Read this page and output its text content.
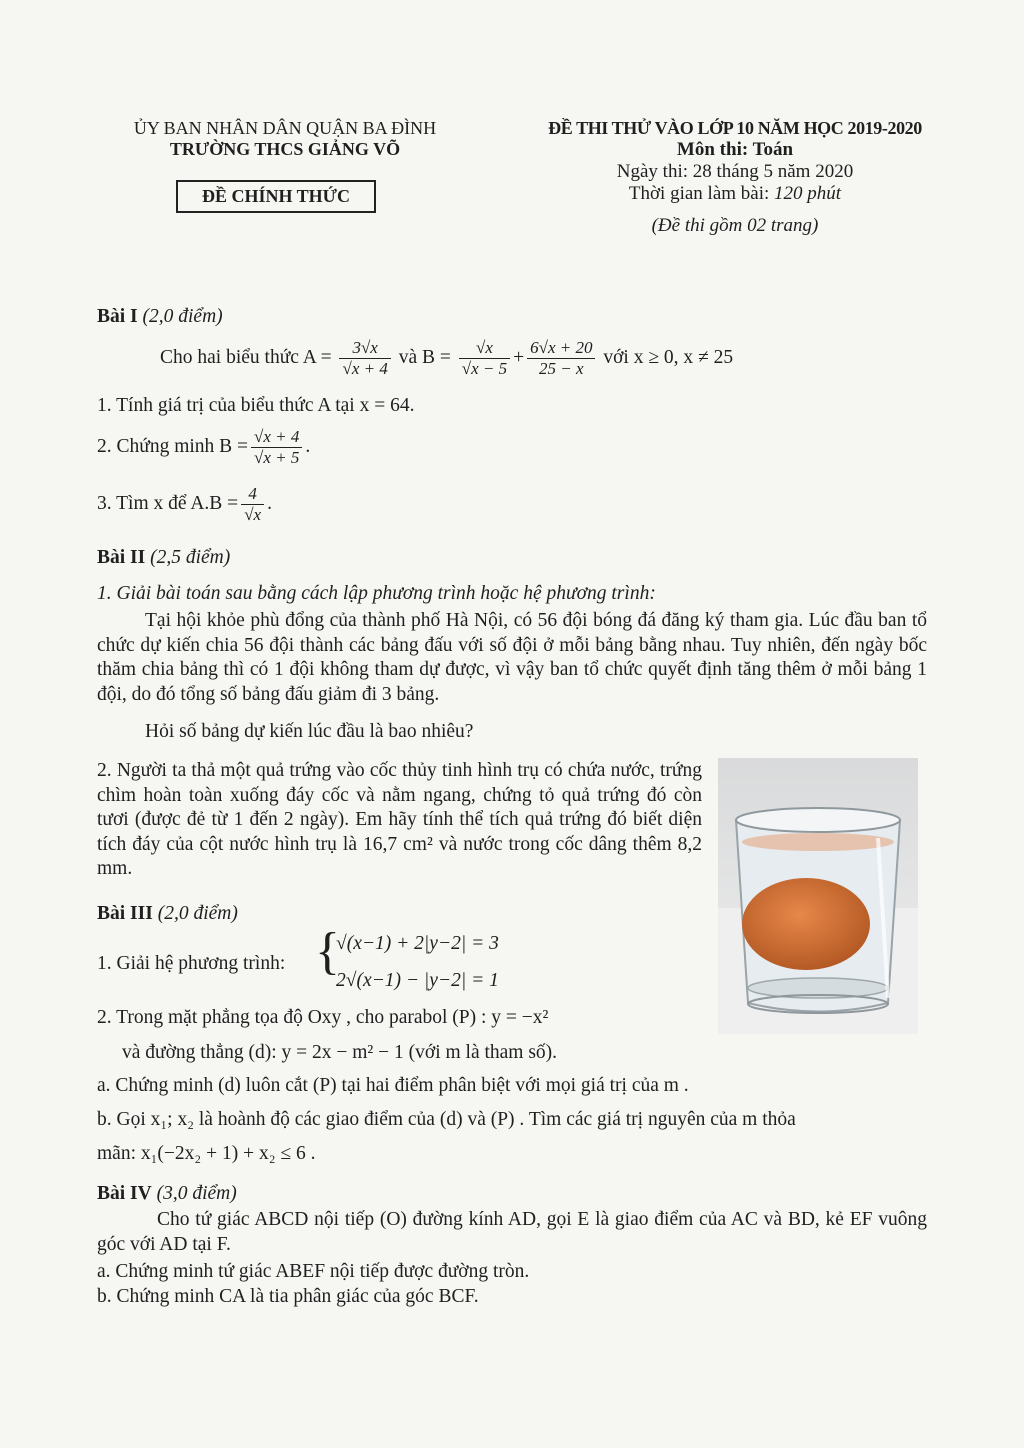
ỦY BAN NHÂN DÂN QUẬN BA ĐÌNH
TRƯỜNG THCS GIẢNG VÕ
ĐỀ CHÍNH THỨC
ĐỀ THI THỬ VÀO LỚP 10 NĂM HỌC 2019-2020
Môn thi: Toán
Ngày thi: 28 tháng 5 năm 2020
Thời gian làm bài: 120 phút
(Đề thi gồm 02 trang)
Bài I (2,0 điểm)
Cho hai biểu thức $A = \frac{3√x}{√x + 4}$ và $B = \frac{√x}{√x - 5} + \frac{6√x + 20}{25 - x}$ với x ≥ 0, x ≠ 25
1. Tính giá trị của biểu thức A tại x = 64.
2. Chứng minh $B = \frac{√x + 4}{√x + 5}$ .
3. Tìm x để $A.B = \frac{4}{√x}$ .
Bài II (2,5 điểm)
1. Giải bài toán sau bằng cách lập phương trình hoặc hệ phương trình:
Tại hội khỏe phù đổng của thành phố Hà Nội, có 56 đội bóng đá đăng ký tham gia. Lúc đầu ban tổ chức dự kiến chia 56 đội thành các bảng đấu với số đội ở mỗi bảng bằng nhau. Tuy nhiên, đến ngày bốc thăm chia bảng thì có 1 đội không tham dự được, vì vậy ban tổ chức quyết định tăng thêm ở mỗi bảng 1 đội, do đó tổng số bảng đấu giảm đi 3 bảng.
Hỏi số bảng dự kiến lúc đầu là bao nhiêu?
2. Người ta thả một quả trứng vào cốc thủy tinh hình trụ có chứa nước, trứng chìm hoàn toàn xuống đáy cốc và nằm ngang, chứng tỏ quả trứng đó còn tươi (được đẻ từ 1 đến 2 ngày). Em hãy tính thể tích quả trứng đó biết diện tích đáy của cột nước hình trụ là 16,7 cm² và nước trong cốc dâng thêm 8,2 mm.
Bài III (2,0 điểm)
1. Giải hệ phương trình: {
√(x−1) + 2|y−2| = 3
2√(x−1) − |y−2| = 1
2. Trong mặt phẳng tọa độ Oxy , cho parabol (P) : y = −x²
và đường thẳng (d): y = 2x − m² − 1 (với m là tham số).
a. Chứng minh (d) luôn cắt (P) tại hai điểm phân biệt với mọi giá trị của m .
b. Gọi x₁; x₂ là hoành độ các giao điểm của (d) và (P) . Tìm các giá trị nguyên của m thỏa
mãn: x₁(−2x₂ + 1) + x₂ ≤ 6 .
Bài IV (3,0 điểm)
Cho tứ giác ABCD nội tiếp (O) đường kính AD, gọi E là giao điểm của AC và BD, kẻ EF vuông góc với AD tại F.
a. Chứng minh tứ giác ABEF nội tiếp được đường tròn.
b. Chứng minh CA là tia phân giác của góc BCF.
